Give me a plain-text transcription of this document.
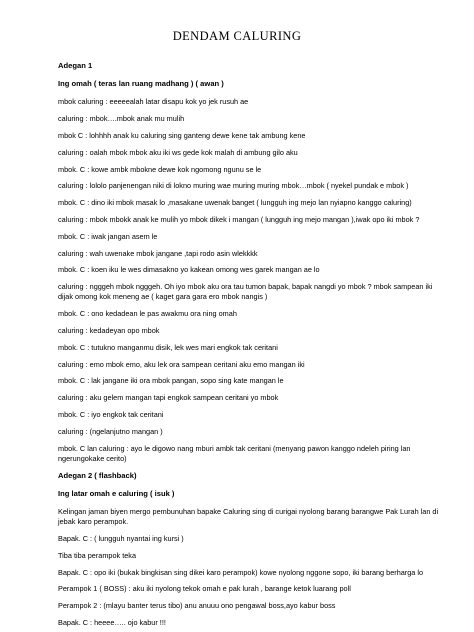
DENDAM CALURING
Adegan 1
Ing omah ( teras lan ruang madhang ) ( awan )
mbok caluring : eeeeealah latar disapu kok yo jek rusuh ae
caluring : mbok….mbok anak mu mulih
mbok C : lohhhh anak ku caluring sing ganteng dewe kene tak ambung kene
caluring : oalah mbok mbok aku iki ws gede kok malah di ambung gilo aku
mbok. C : kowe ambk mbokne dewe kok ngomong ngunu se le
caluring : lololo panjenengan niki di lokno muring wae muring muring mbok…mbok ( nyekel pundak e mbok )
mbok. C : dino iki mbok masak lo ,masakane uwenak banget ( lungguh ing mejo lan nyiapno kanggo caluring)
caluring : mbok mbokk anak ke mulih yo mbok dikek i mangan ( lungguh ing mejo mangan ),iwak opo iki mbok ?
mbok. C : iwak jangan asem le
caluring : wah uwenake mbok jangane ,tapi rodo asin wlekkkk
mbok. C : koen iku le wes dimasakno yo kakean omong wes garek mangan ae lo
caluring : ngggeh mbok ngggeh. Oh iyo mbok aku ora tau tumon bapak, bapak nangdi yo mbok ? mbok sampean iki dijak omong kok meneng ae ( kaget gara gara ero mbok nangis )
mbok. C : ono kedadean le pas awakmu ora ning omah
caluring : kedadeyan opo mbok
mbok. C : tutukno manganmu disik, lek wes mari engkok tak ceritani
caluring : emo mbok emo, aku lek ora sampean ceritani aku emo mangan iki
mbok. C : lak jangane iki ora mbok pangan, sopo sing kate mangan le
caluring : aku gelem mangan tapi engkok sampean ceritani yo mbok
mbok. C : iyo engkok tak ceritani
caluring : (ngelanjutno mangan )
mbok. C lan caluring : ayo le digowo nang mburi ambk tak ceritani (menyang pawon kanggo ndeleh piring lan ngerungokake cerito)
Adegan 2 ( flashback)
Ing latar omah e caluring ( isuk )
Kelingan jaman biyen mergo pembunuhan bapake Caluring sing di curigai nyolong barang barangwe Pak Lurah lan di jebak karo perampok.
Bapak. C : ( lungguh nyantai ing kursi )
Tiba tiba perampok teka
Bapak. C : opo iki (bukak bingkisan sing dikei karo perampok) kowe nyolong nggone sopo, iki barang berharga lo
Perampok 1 ( BOSS) : aku iki nyolong tekok omah e pak lurah , barange ketok luarang poll
Perampok 2 : (mlayu banter terus tibo) anu anuuu ono pengawal boss,ayo kabur boss
Bapak. C : heeee….. ojo kabur !!!
